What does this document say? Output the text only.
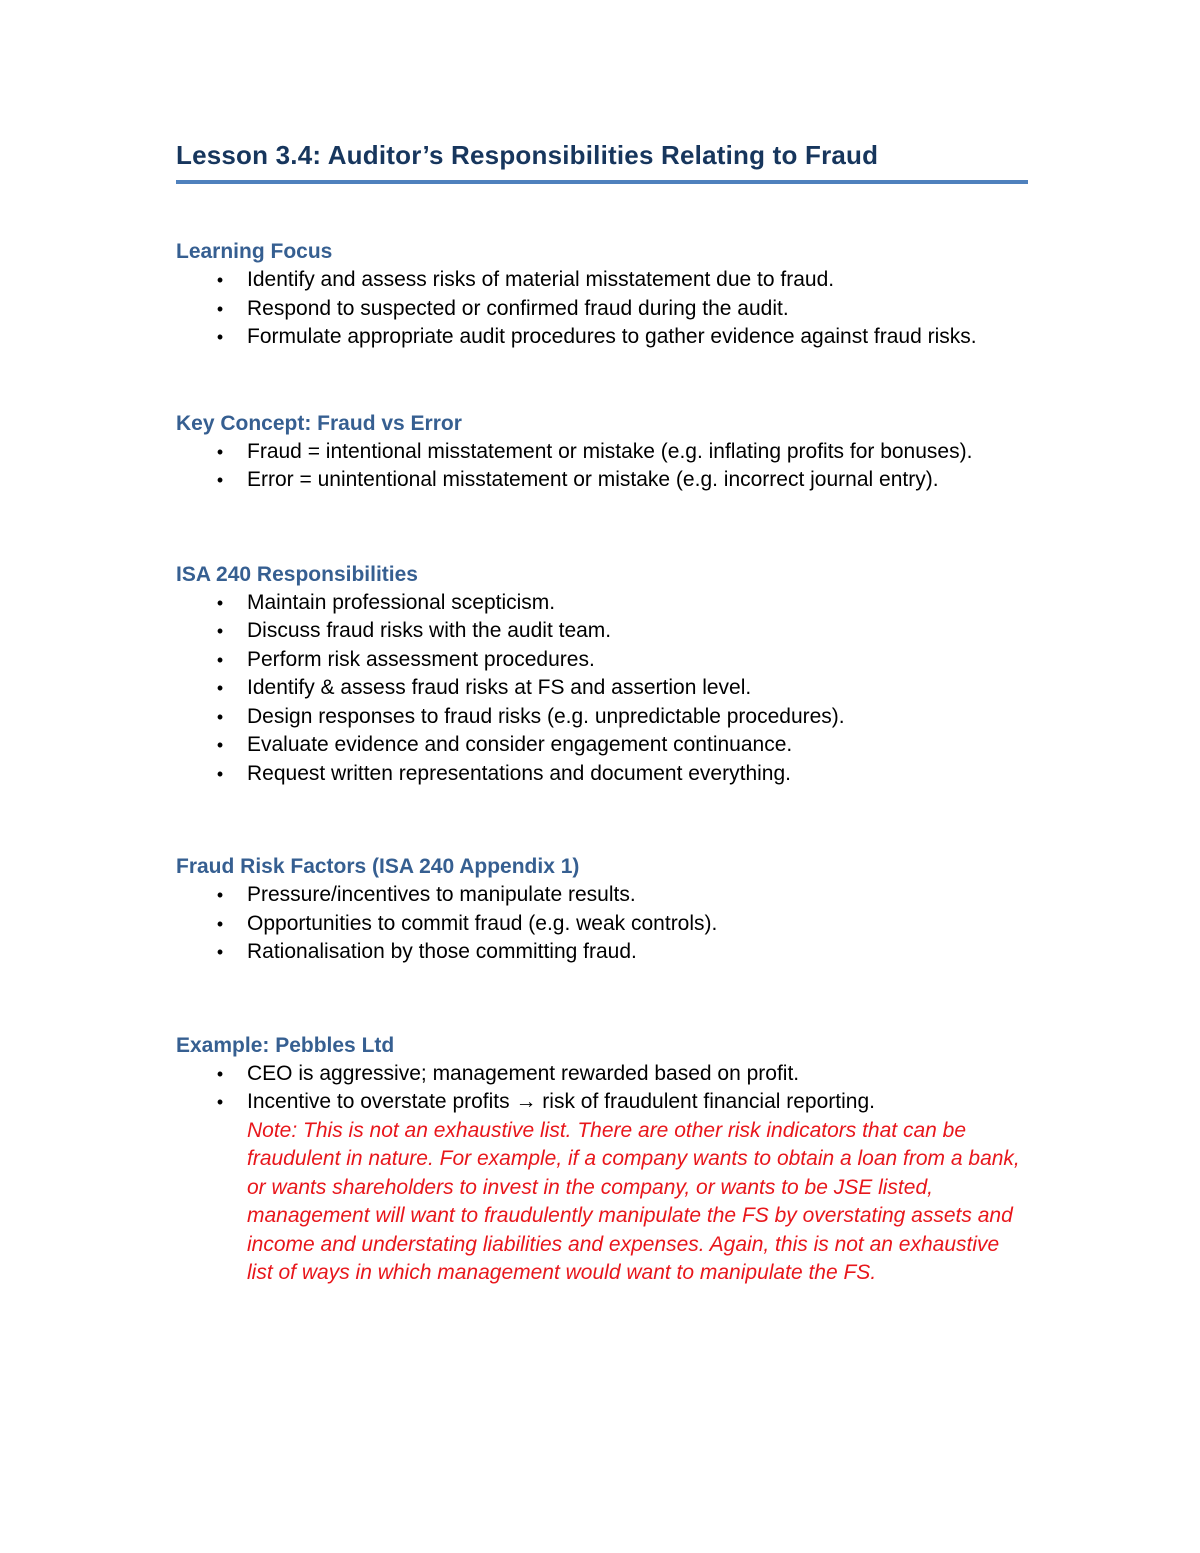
Lesson 3.4: Auditor’s Responsibilities Relating to Fraud
Learning Focus
• Identify and assess risks of material misstatement due to fraud.
• Respond to suspected or confirmed fraud during the audit.
• Formulate appropriate audit procedures to gather evidence against fraud risks.
Key Concept: Fraud vs Error
• Fraud = intentional misstatement or mistake (e.g. inflating profits for bonuses).
• Error = unintentional misstatement or mistake (e.g. incorrect journal entry).
ISA 240 Responsibilities
• Maintain professional scepticism.
• Discuss fraud risks with the audit team.
• Perform risk assessment procedures.
• Identify & assess fraud risks at FS and assertion level.
• Design responses to fraud risks (e.g. unpredictable procedures).
• Evaluate evidence and consider engagement continuance.
• Request written representations and document everything.
Fraud Risk Factors (ISA 240 Appendix 1)
• Pressure/incentives to manipulate results.
• Opportunities to commit fraud (e.g. weak controls).
• Rationalisation by those committing fraud.
Example: Pebbles Ltd
• CEO is aggressive; management rewarded based on profit.
• Incentive to overstate profits → risk of fraudulent financial reporting.
Note: This is not an exhaustive list. There are other risk indicators that can be fraudulent in nature. For example, if a company wants to obtain a loan from a bank, or wants shareholders to invest in the company, or wants to be JSE listed, management will want to fraudulently manipulate the FS by overstating assets and income and understating liabilities and expenses. Again, this is not an exhaustive list of ways in which management would want to manipulate the FS.
